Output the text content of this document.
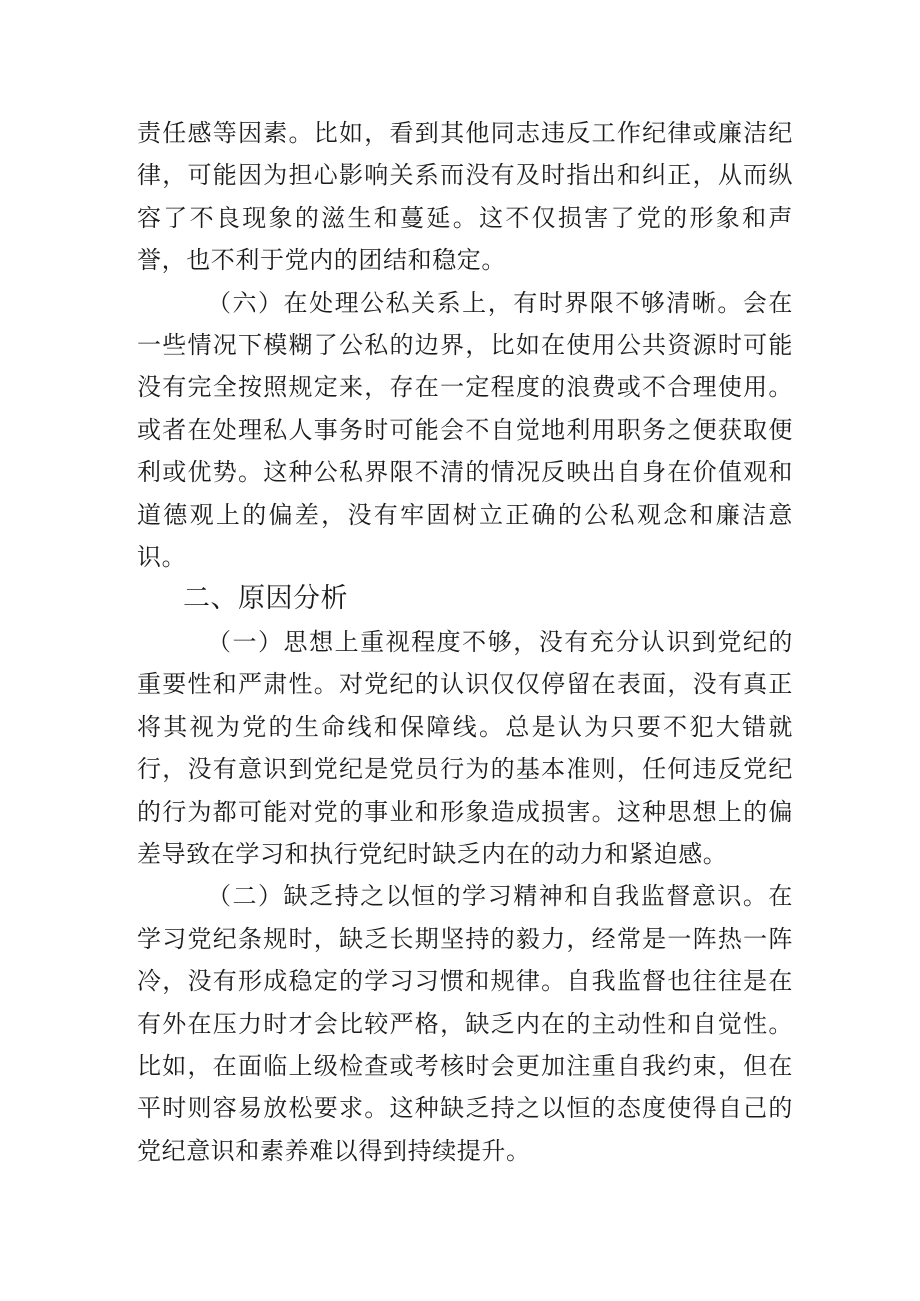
责任感等因素。比如，看到其他同志违反工作纪律或廉洁纪律，可能因为担心影响关系而没有及时指出和纠正，从而纵容了不良现象的滋生和蔓延。这不仅损害了党的形象和声誉，也不利于党内的团结和稳定。

（六）在处理公私关系上，有时界限不够清晰。会在一些情况下模糊了公私的边界，比如在使用公共资源时可能没有完全按照规定来，存在一定程度的浪费或不合理使用。或者在处理私人事务时可能会不自觉地利用职务之便获取便利或优势。这种公私界限不清的情况反映出自身在价值观和道德观上的偏差，没有牢固树立正确的公私观念和廉洁意识。

二、原因分析

（一）思想上重视程度不够，没有充分认识到党纪的重要性和严肃性。对党纪的认识仅仅停留在表面，没有真正将其视为党的生命线和保障线。总是认为只要不犯大错就行，没有意识到党纪是党员行为的基本准则，任何违反党纪的行为都可能对党的事业和形象造成损害。这种思想上的偏差导致在学习和执行党纪时缺乏内在的动力和紧迫感。

（二）缺乏持之以恒的学习精神和自我监督意识。在学习党纪条规时，缺乏长期坚持的毅力，经常是一阵热一阵冷，没有形成稳定的学习习惯和规律。自我监督也往往是在有外在压力时才会比较严格，缺乏内在的主动性和自觉性。比如，在面临上级检查或考核时会更加注重自我约束，但在平时则容易放松要求。这种缺乏持之以恒的态度使得自己的党纪意识和素养难以得到持续提升。
